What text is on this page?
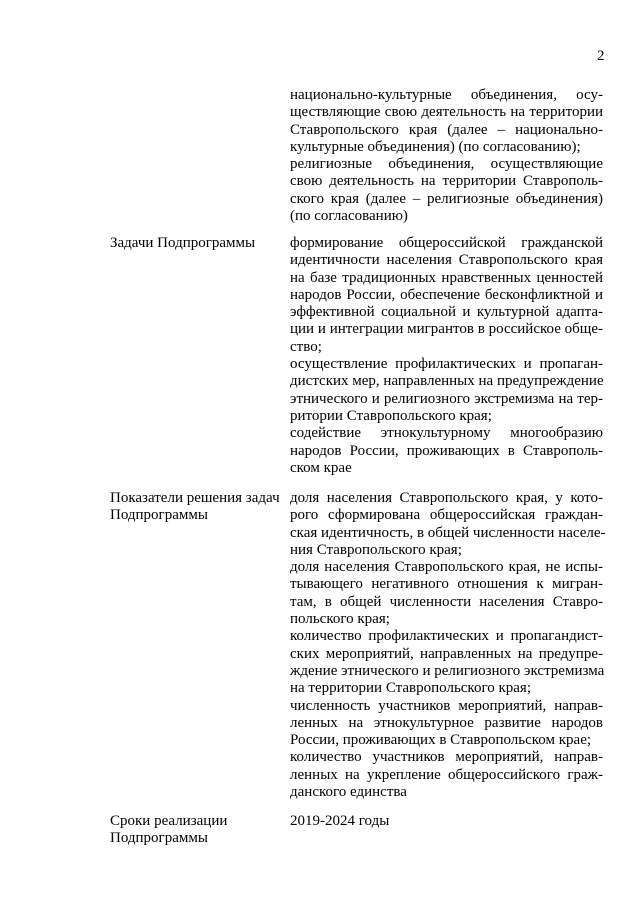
2
национально-культурные объединения, осу-
ществляющие свою деятельность на территории
Ставропольского края (далее – национально-
культурные объединения) (по согласованию);
религиозные объединения, осуществляющие
свою деятельность на территории Ставрополь-
ского края (далее – религиозные объединения)
(по согласованию)
Задачи Подпрограммы	формирование общероссийской гражданской
идентичности населения Ставропольского края
на базе традиционных нравственных ценностей
народов России, обеспечение бесконфликтной и
эффективной социальной и культурной адапта-
ции и интеграции мигрантов в российское обще-
ство;
осуществление профилактических и пропаган-
дистских мер, направленных на предупреждение
этнического и религиозного экстремизма на тер-
ритории Ставропольского края;
содействие этнокультурному многообразию
народов России, проживающих в Ставрополь-
ском крае
Показатели решения задач
Подпрограммы
доля населения Ставропольского края, у кото-
рого сформирована общероссийская граждан-
ская идентичность, в общей численности населе-
ния Ставропольского края;
доля населения Ставропольского края, не испы-
тывающего негативного отношения к мигран-
там, в общей численности населения Ставро-
польского края;
количество профилактических и пропагандист-
ских мероприятий, направленных на предупре-
ждение этнического и религиозного экстремизма
на территории Ставропольского края;
численность участников мероприятий, направ-
ленных на этнокультурное развитие народов
России, проживающих в Ставропольском крае;
количество участников мероприятий, направ-
ленных на укрепление общероссийского граж-
данского единства
Сроки реализации
Подпрограммы
2019-2024 годы
